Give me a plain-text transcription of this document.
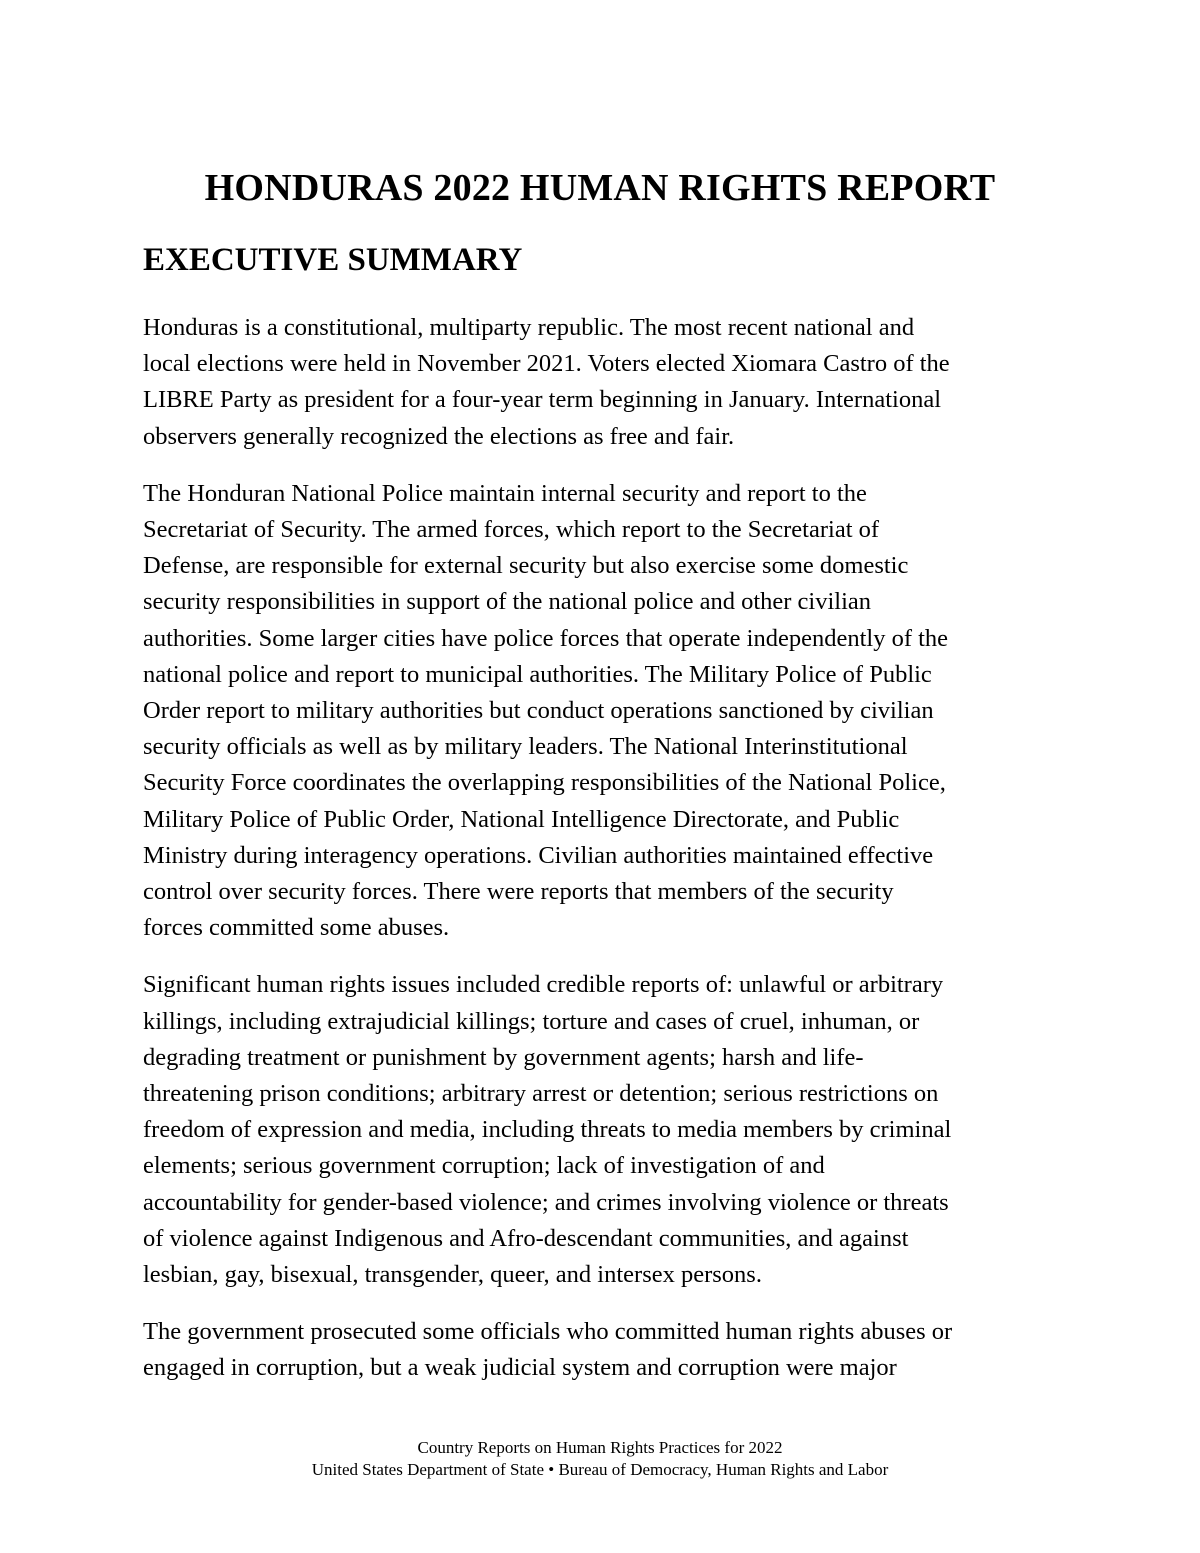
HONDURAS 2022 HUMAN RIGHTS REPORT
EXECUTIVE SUMMARY

Honduras is a constitutional, multiparty republic. The most recent national and
local elections were held in November 2021. Voters elected Xiomara Castro of the
LIBRE Party as president for a four-year term beginning in January. International
observers generally recognized the elections as free and fair.

The Honduran National Police maintain internal security and report to the
Secretariat of Security. The armed forces, which report to the Secretariat of
Defense, are responsible for external security but also exercise some domestic
security responsibilities in support of the national police and other civilian
authorities. Some larger cities have police forces that operate independently of the
national police and report to municipal authorities. The Military Police of Public
Order report to military authorities but conduct operations sanctioned by civilian
security officials as well as by military leaders. The National Interinstitutional
Security Force coordinates the overlapping responsibilities of the National Police,
Military Police of Public Order, National Intelligence Directorate, and Public
Ministry during interagency operations. Civilian authorities maintained effective
control over security forces. There were reports that members of the security
forces committed some abuses.

Significant human rights issues included credible reports of: unlawful or arbitrary
killings, including extrajudicial killings; torture and cases of cruel, inhuman, or
degrading treatment or punishment by government agents; harsh and life-
threatening prison conditions; arbitrary arrest or detention; serious restrictions on
freedom of expression and media, including threats to media members by criminal
elements; serious government corruption; lack of investigation of and
accountability for gender-based violence; and crimes involving violence or threats
of violence against Indigenous and Afro-descendant communities, and against
lesbian, gay, bisexual, transgender, queer, and intersex persons.

The government prosecuted some officials who committed human rights abuses or
engaged in corruption, but a weak judicial system and corruption were major

Country Reports on Human Rights Practices for 2022
United States Department of State • Bureau of Democracy, Human Rights and Labor
